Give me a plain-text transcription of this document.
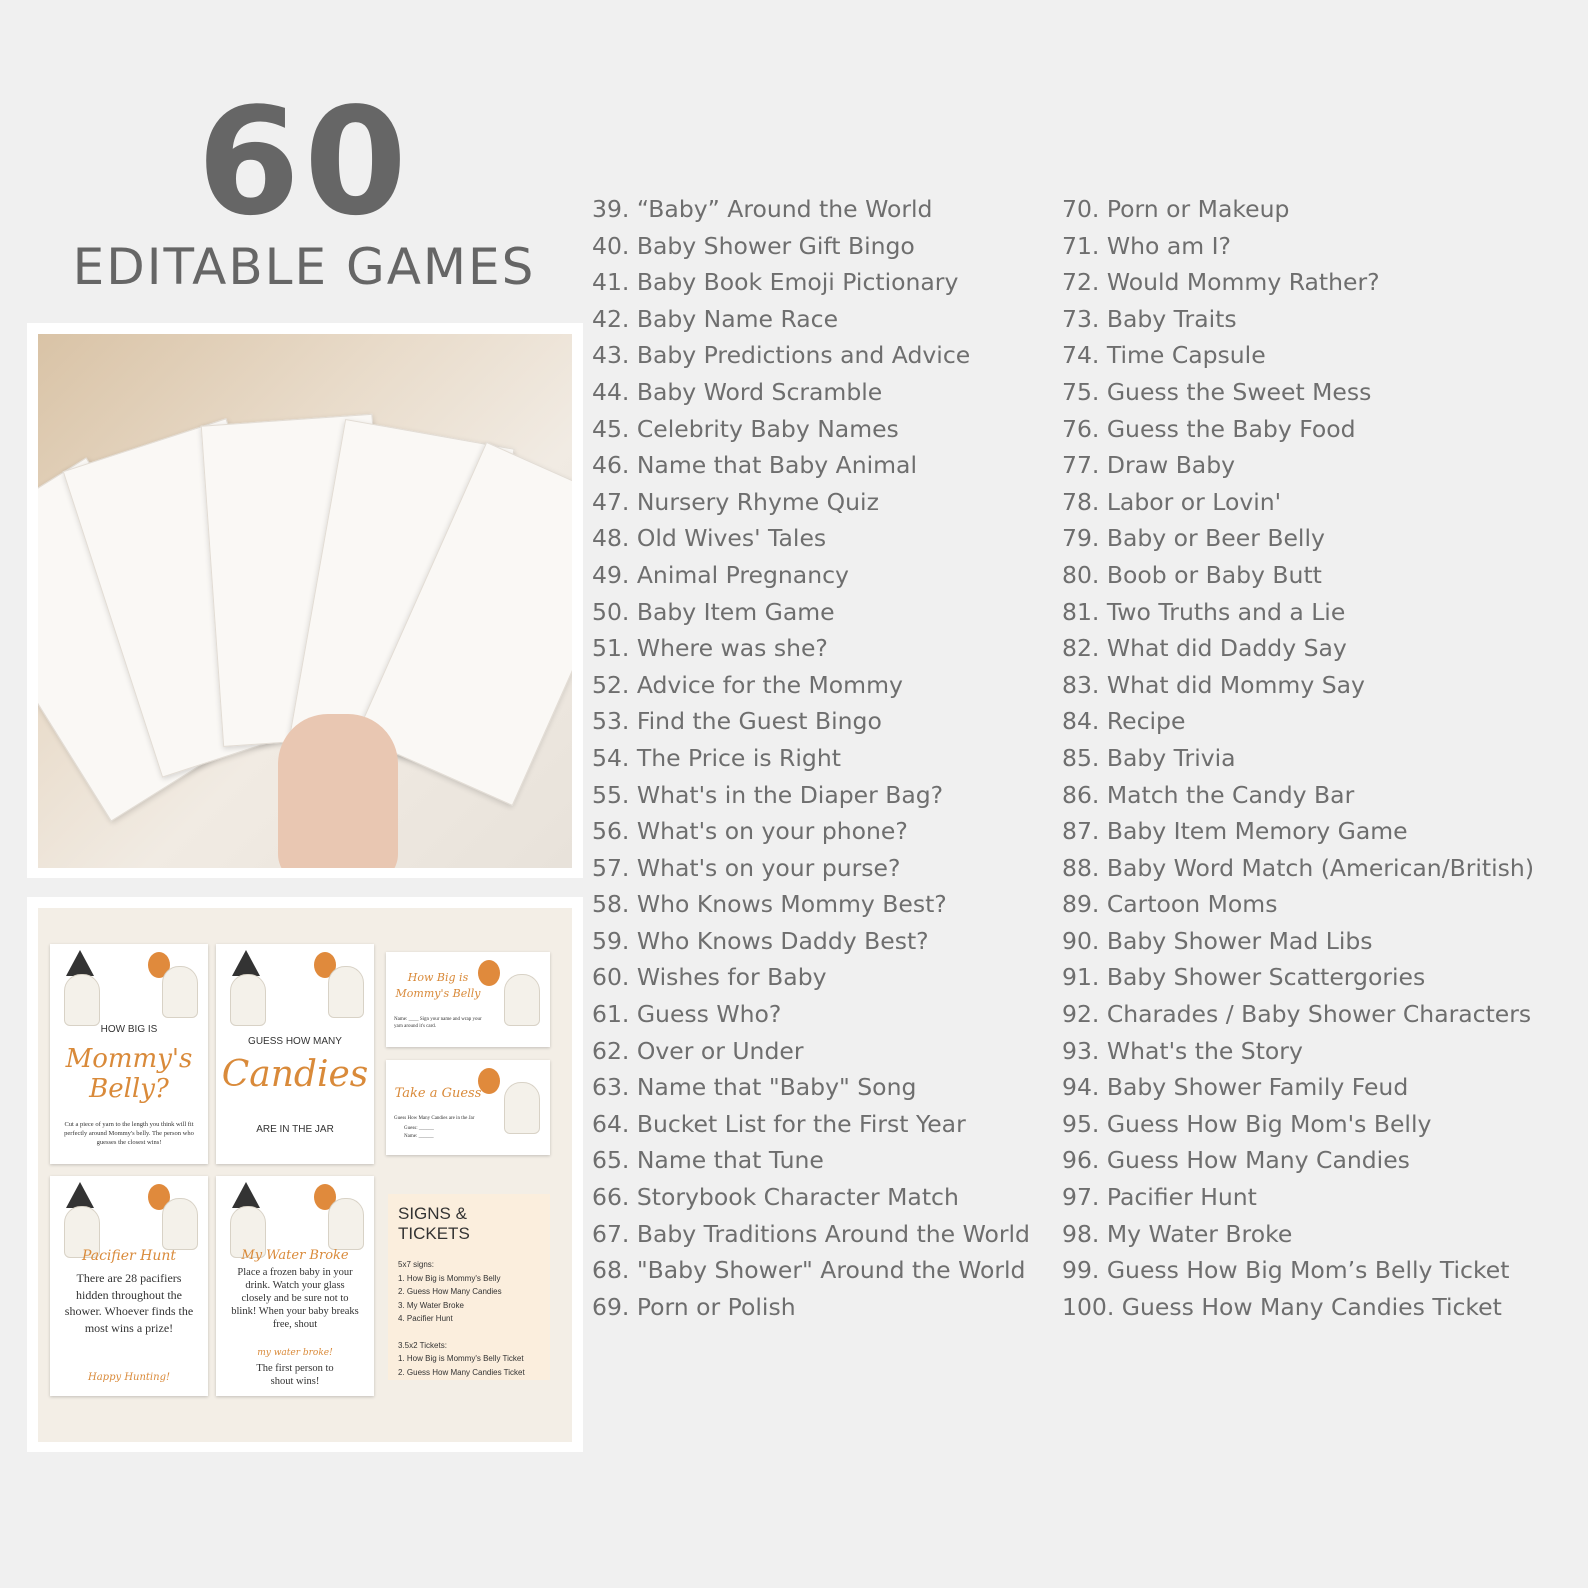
60
EDITABLE GAMES
HOW BIG IS
Mommy's Belly?
Cut a piece of yarn to the length you think will fit perfectly around Mommy's belly. The person who guesses the closest wins!
GUESS HOW MANY
Candies
ARE IN THE JAR
How Big is Mommy's Belly
Name: ____ Sign your name and wrap your yarn around it's card.
Take a Guess
Guess How Many Candies are in the Jar
Guess: ______
Name: ______
Pacifier Hunt
There are 28 pacifiers hidden throughout the shower. Whoever finds the most wins a prize!
Happy Hunting!
My Water Broke
Place a frozen baby in your drink. Watch your glass closely and be sure not to blink! When your baby breaks free, shout
my water broke!
The first person to shout wins!
SIGNS & TICKETS
5x7 signs:
1. How Big is Mommy's Belly
2. Guess How Many Candies
3. My Water Broke
4. Pacifier Hunt
3.5x2 Tickets:
1. How Big is Mommy's Belly Ticket
2. Guess How Many Candies Ticket
39. “Baby” Around the World
40. Baby Shower Gift Bingo
41. Baby Book Emoji Pictionary
42. Baby Name Race
43. Baby Predictions and Advice
44. Baby Word Scramble
45. Celebrity Baby Names
46. Name that Baby Animal
47. Nursery Rhyme Quiz
48. Old Wives' Tales
49. Animal Pregnancy
50. Baby Item Game
51. Where was she?
52. Advice for the Mommy
53. Find the Guest Bingo
54. The Price is Right
55. What's in the Diaper Bag?
56. What's on your phone?
57. What's on your purse?
58. Who Knows Mommy Best?
59. Who Knows Daddy Best?
60. Wishes for Baby
61. Guess Who?
62. Over or Under
63. Name that "Baby" Song
64. Bucket List for the First Year
65. Name that Tune
66. Storybook Character Match
67. Baby Traditions Around the World
68. "Baby Shower" Around the World
69. Porn or Polish
70. Porn or Makeup
71. Who am I?
72. Would Mommy Rather?
73. Baby Traits
74. Time Capsule
75. Guess the Sweet Mess
76. Guess the Baby Food
77. Draw Baby
78. Labor or Lovin'
79. Baby or Beer Belly
80. Boob or Baby Butt
81. Two Truths and a Lie
82. What did Daddy Say
83. What did Mommy Say
84. Recipe
85. Baby Trivia
86. Match the Candy Bar
87. Baby Item Memory Game
88. Baby Word Match (American/British)
89. Cartoon Moms
90. Baby Shower Mad Libs
91. Baby Shower Scattergories
92. Charades / Baby Shower Characters
93. What's the Story
94. Baby Shower Family Feud
95. Guess How Big Mom's Belly
96. Guess How Many Candies
97. Pacifier Hunt
98. My Water Broke
99. Guess How Big Mom’s Belly Ticket
100. Guess How Many Candies Ticket
